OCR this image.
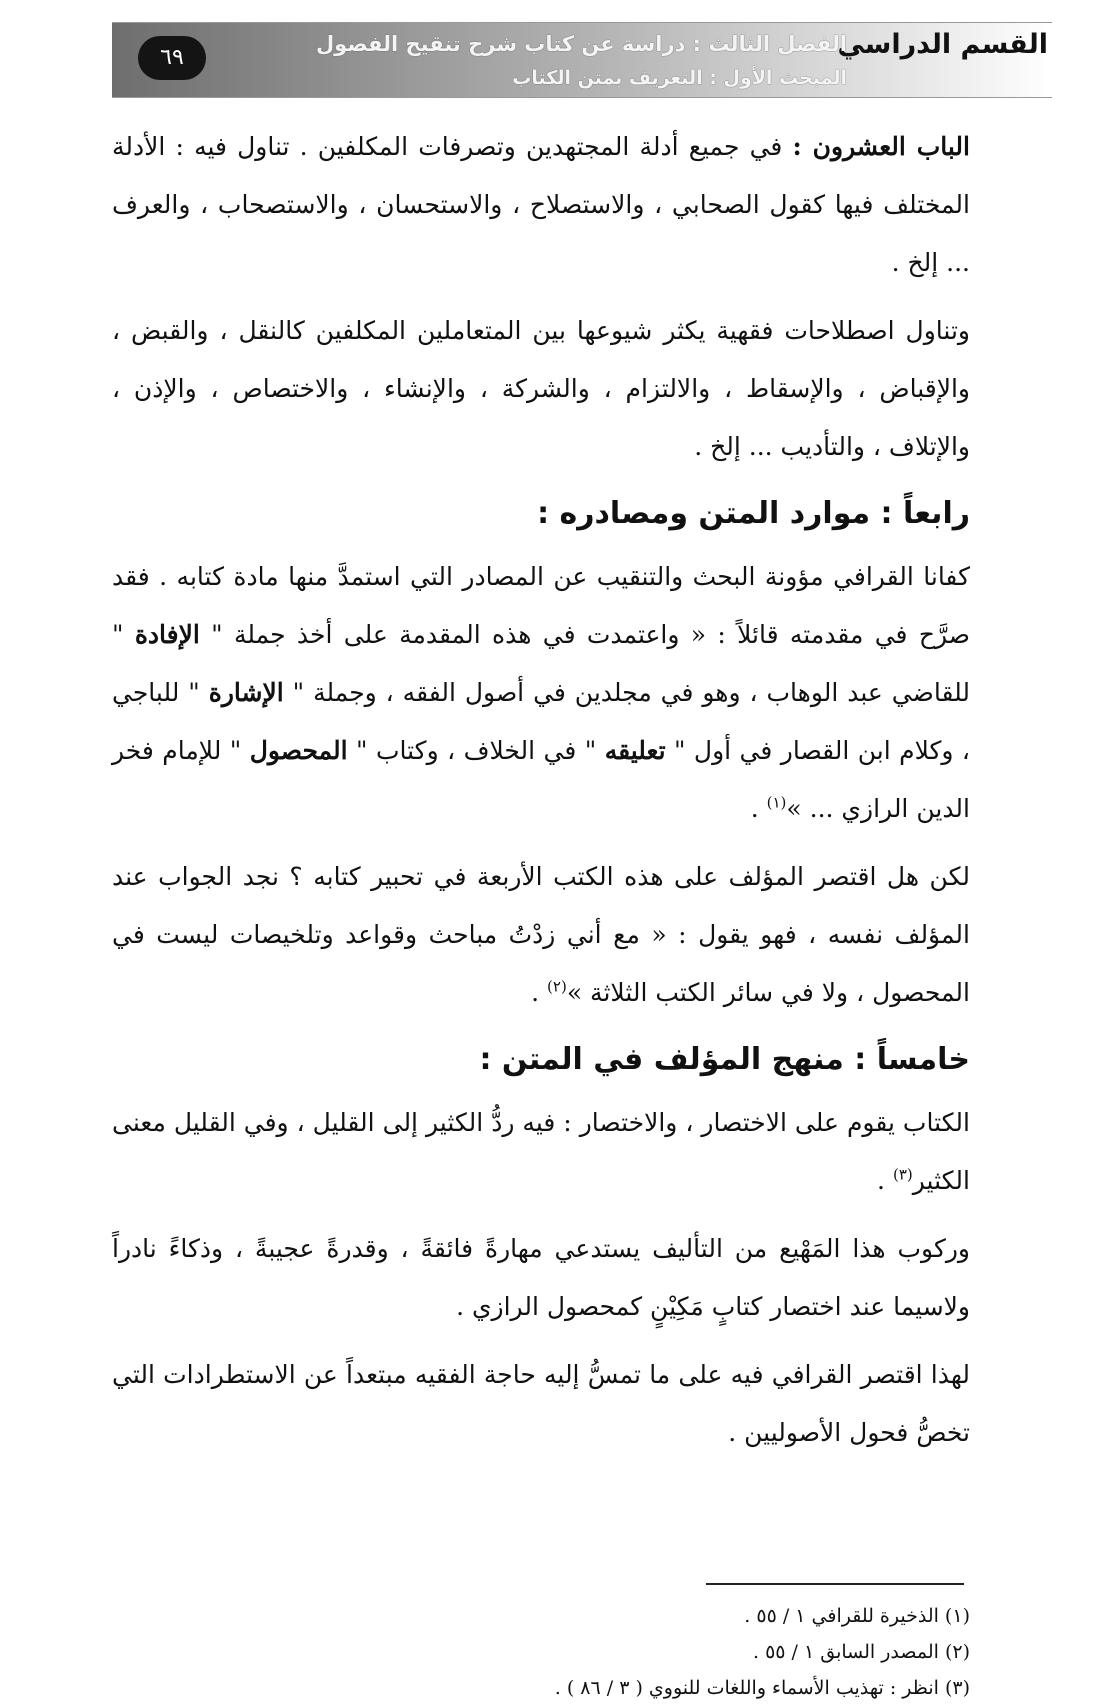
القسم الدراسي
الفصل الثالث : دراسة عن كتاب شرح تنقيح الفصول
المبحث الأول : التعريف بمتن الكتاب
٦٩

الباب العشرون : في جميع أدلة المجتهدين وتصرفات المكلفين . تناول فيه : الأدلة المختلف فيها كقول الصحابي ، والاستصلاح ، والاستحسان ، والاستصحاب ، والعرف ... إلخ .

وتناول اصطلاحات فقهية يكثر شيوعها بين المتعاملين المكلفين كالنقل ، والقبض ، والإقباض ، والإسقاط ، والالتزام ، والشركة ، والإنشاء ، والاختصاص ، والإذن ، والإتلاف ، والتأديب ... إلخ .

رابعاً : موارد المتن ومصادره :

كفانا القرافي مؤونة البحث والتنقيب عن المصادر التي استمدَّ منها مادة كتابه . فقد صرَّح في مقدمته قائلاً : « واعتمدت في هذه المقدمة على أخذ جملة " الإفادة " للقاضي عبد الوهاب ، وهو في مجلدين في أصول الفقه ، وجملة " الإشارة " للباجي ، وكلام ابن القصار في أول " تعليقه " في الخلاف ، وكتاب " المحصول " للإمام فخر الدين الرازي ... »$^{(١)}$ .

لكن هل اقتصر المؤلف على هذه الكتب الأربعة في تحبير كتابه ؟ نجد الجواب عند المؤلف نفسه ، فهو يقول : « مع أني زدْتُ مباحث وقواعد وتلخيصات ليست في المحصول ، ولا في سائر الكتب الثلاثة »$^{(٢)}$ .

خامساً : منهج المؤلف في المتن :

الكتاب يقوم على الاختصار ، والاختصار : فيه ردُّ الكثير إلى القليل ، وفي القليل معنى الكثير$^{(٣)}$ .

وركوب هذا المَهْيع من التأليف يستدعي مهارةً فائقةً ، وقدرةً عجيبةً ، وذكاءً نادراً ولاسيما عند اختصار كتابٍ مَكِيْنٍ كمحصول الرازي .

لهذا اقتصر القرافي فيه على ما تمسُّ إليه حاجة الفقيه مبتعداً عن الاستطرادات التي تخصُّ فحول الأصوليين .

(١) الذخيرة للقرافي ١ / ٥٥ .
(٢) المصدر السابق ١ / ٥٥ .
(٣) انظر : تهذيب الأسماء واللغات للنووي ( ٣ / ٨٦ ) .
